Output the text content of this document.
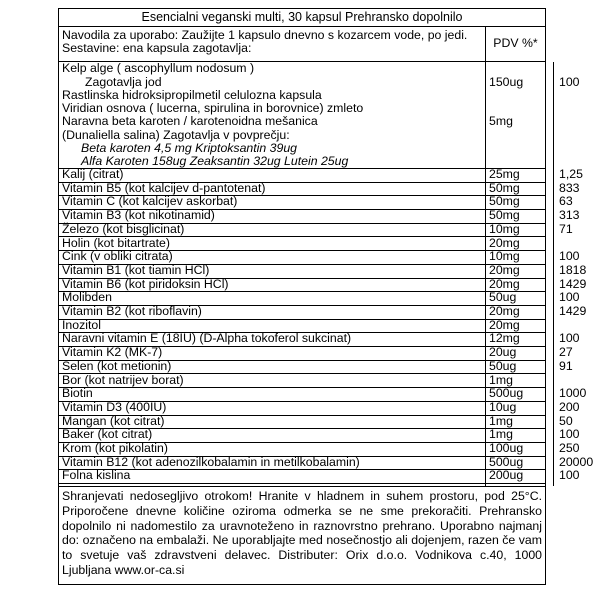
Esencialni veganski multi, 30 kapsul Prehransko dopolnilo
Navodila za uporabo: Zaužijte 1 kapsulo dnevno s kozarcem vode, po jedi.
Sestavine: ena kapsula zagotavlja:	PDV %*
Kelp alge ( ascophyllum nodosum )
Zagotavlja jod	150ug	100
Rastlinska hidroksipropilmetil celulozna kapsula
Viridian osnova ( lucerna, spirulina in borovnice) zmleto
Naravna beta karoten / karotenoidna mešanica	5mg
(Dunaliella salina) Zagotavlja v povprečju:
Beta karoten 4,5 mg Kriptoksantin 39ug
Alfa Karoten 158ug Zeaksantin 32ug Lutein 25ug
Kalij (citrat)	25mg	1,25
Vitamin B5 (kot kalcijev d-pantotenat)	50mg	833
Vitamin C (kot kalcijev askorbat)	50mg	63
Vitamin B3 (kot nikotinamid)	50mg	313
Železo (kot bisglicinat)	10mg	71
Holin (kot bitartrate)	20mg
Cink (v obliki citrata)	10mg	100
Vitamin B1 (kot tiamin HCl)	20mg	1818
Vitamin B6 (kot piridoksin HCl)	20mg	1429
Molibden	50ug	100
Vitamin B2 (kot riboflavin)	20mg	1429
Inozitol	20mg
Naravni vitamin E (18IU) (D-Alpha tokoferol sukcinat)	12mg	100
Vitamin K2 (MK-7)	20ug	27
Selen (kot metionin)	50ug	91
Bor (kot natrijev borat)	1mg
Biotin	500ug	1000
Vitamin D3 (400IU)	10ug	200
Mangan (kot citrat)	1mg	50
Baker (kot citrat)	1mg	100
Krom (kot pikolatin)	100ug	250
Vitamin B12 (kot adenozilkobalamin in metilkobalamin)	500ug	20000
Folna kislina	200ug	100
Shranjevati nedosegljivo otrokom! Hranite v hladnem in suhem prostoru, pod 25°C. Priporočene dnevne količine oziroma odmerka se ne sme prekoračiti. Prehransko dopolnilo ni nadomestilo za uravnoteženo in raznovrstno prehrano. Uporabno najmanj do: označeno na embalaži. Ne uporabljajte med nosečnostjo ali dojenjem, razen če vam to svetuje vaš zdravstveni delavec. Distributer: Orix d.o.o. Vodnikova c.40, 1000 Ljubljana www.or-ca.si
